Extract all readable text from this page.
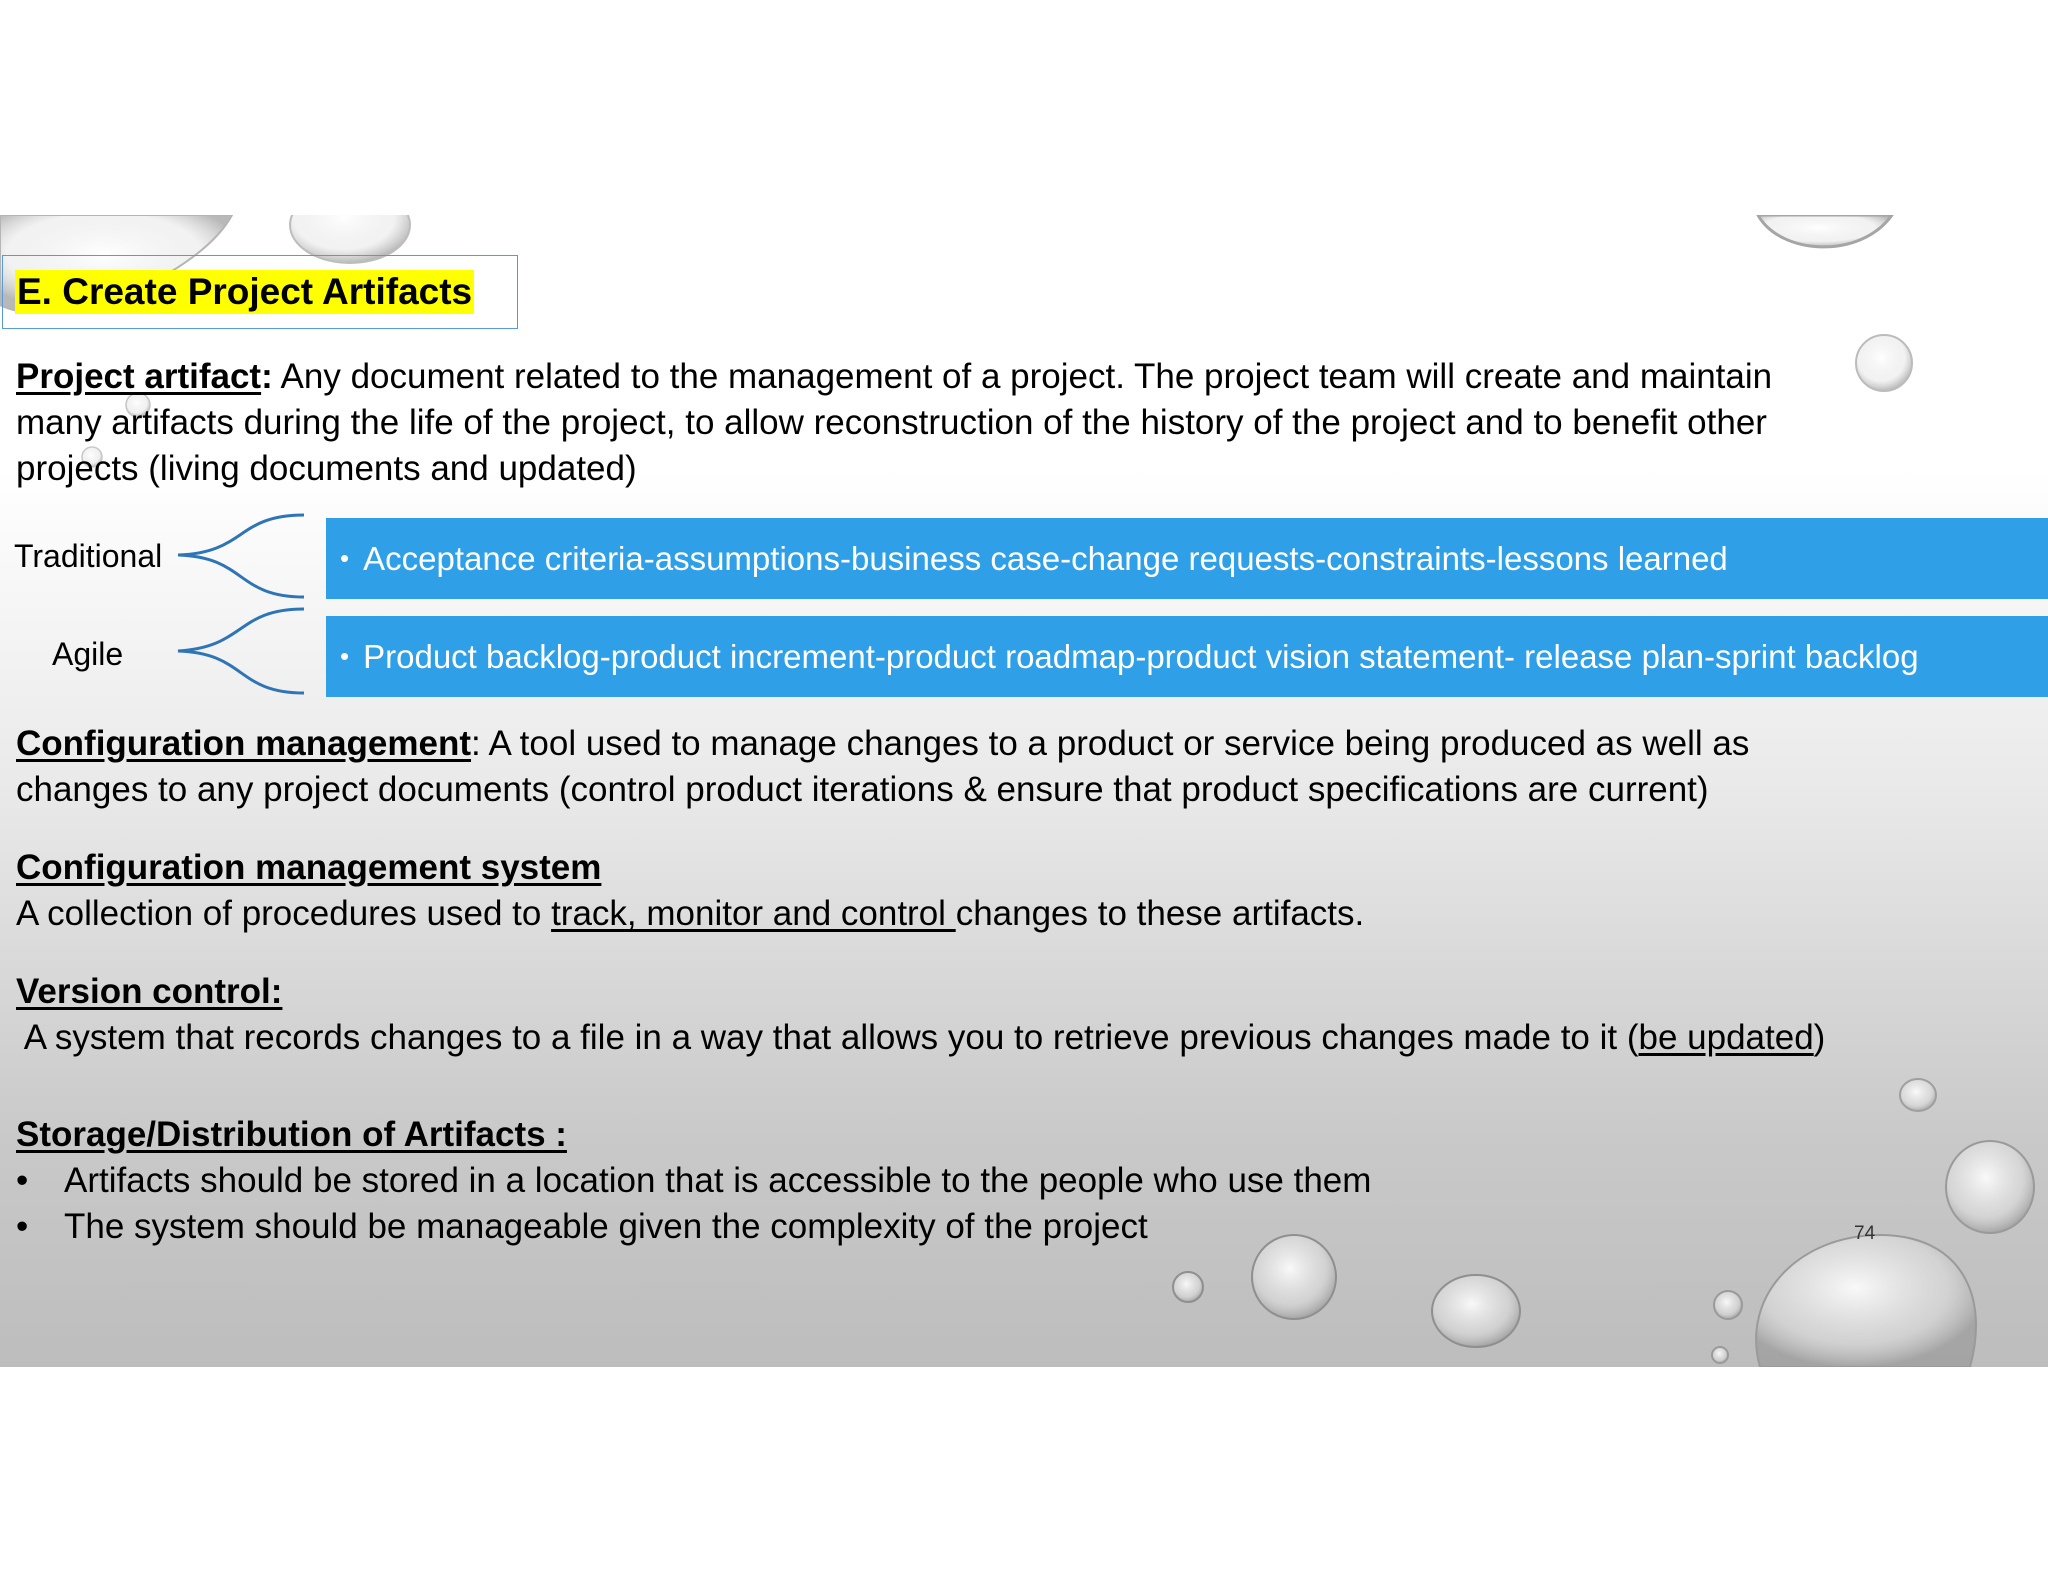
E. Create Project Artifacts
Project artifact: Any document related to the management of a project. The project team will create and maintain
many artifacts during the life of the project, to allow reconstruction of the history of the project and to benefit other
projects (living documents and updated)
Traditional	• Acceptance criteria-assumptions-business case-change requests-constraints-lessons learned
Agile	• Product backlog-product increment-product roadmap-product vision statement- release plan-sprint backlog
Configuration management: A tool used to manage changes to a product or service being produced as well as
changes to any project documents (control product iterations & ensure that product specifications are current)
Configuration management system
A collection of procedures used to track, monitor and control changes to these artifacts.
Version control:
A system that records changes to a file in a way that allows you to retrieve previous changes made to it (be updated)
Storage/Distribution of Artifacts :
• Artifacts should be stored in a location that is accessible to the people who use them
• The system should be manageable given the complexity of the project	74
